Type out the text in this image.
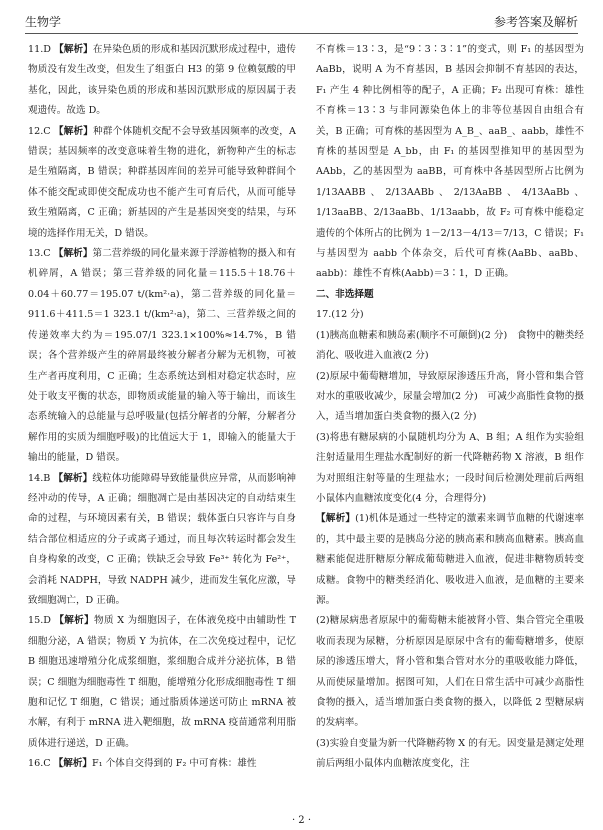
生物学	参考答案及解析

11.D 【解析】在异染色质的形成和基因沉默形成过程中，遗传物质没有发生改变，但发生了组蛋白 H3 的第 9 位赖氨酸的甲基化，因此，该异染色质的形成和基因沉默形成的原因属于表观遗传。故选 D。

12.C 【解析】种群个体随机交配不会导致基因频率的改变，A 错误；基因频率的改变意味着生物的进化，新物种产生的标志是生殖隔离，B 错误；种群基因库间的差异可能导致种群间个体不能交配或即使交配成功也不能产生可育后代，从而可能导致生殖隔离，C 正确；新基因的产生是基因突变的结果，与环境的选择作用无关，D 错误。

13.C 【解析】第二营养级的同化量来源于浮游植物的摄入和有机碎屑，A 错误；第三营养级的同化量＝115.5＋18.76＋0.04＋60.77＝195.07 t/(km²·a)，第二营养级的同化量＝911.6＋411.5＝1 323.1 t/(km²·a)，第二、三营养级之间的传递效率大约为＝195.07/1 323.1×100%≈14.7%，B 错误；各个营养级产生的碎屑最终被分解者分解为无机物，可被生产者再度利用，C 正确；生态系统达到相对稳定状态时，应处于收支平衡的状态，即物质或能量的输入等于输出，而该生态系统输入的总能量与总呼吸量(包括分解者的分解，分解者分解作用的实质为细胞呼吸)的比值远大于 1，即输入的能量大于输出的能量，D 错误。

14.B 【解析】线粒体功能障碍导致能量供应异常，从而影响神经冲动的传导，A 正确；细胞凋亡是由基因决定的自动结束生命的过程，与环境因素有关，B 错误；载体蛋白只容许与自身结合部位相适应的分子或离子通过，而且每次转运时都会发生自身构象的改变，C 正确；铁缺乏会导致 Fe³⁺ 转化为 Fe²⁺，会消耗 NADPH，导致 NADPH 减少，进而发生氧化应激，导致细胞凋亡，D 正确。

15.D 【解析】物质 X 为细胞因子，在体液免疫中由辅助性 T 细胞分泌，A 错误；物质 Y 为抗体，在二次免疫过程中，记忆 B 细胞迅速增殖分化成浆细胞，浆细胞合成并分泌抗体，B 错误；C 细胞为细胞毒性 T 细胞，能增殖分化形成细胞毒性 T 细胞和记忆 T 细胞，C 错误；通过脂质体递送可防止 mRNA 被水解，有利于 mRNA 进入靶细胞，故 mRNA 疫苗通常利用脂质体进行递送，D 正确。

16.C 【解析】F₁ 个体自交得到的 F₂ 中可育株：雄性

不育株＝13∶3，是“9∶3∶3∶1”的变式，则 F₁ 的基因型为 AaBb，说明 A 为不育基因，B 基因会抑制不育基因的表达，F₁ 产生 4 种比例相等的配子，A 正确；F₂ 出现可育株：雄性不育株＝13∶3 与非同源染色体上的非等位基因自由组合有关，B 正确；可育株的基因型为 A_B_、aaB_、aabb，雄性不育株的基因型是 A_bb，由 F₁ 的基因型推知甲的基因型为 AAbb，乙的基因型为 aaBB，可育株中各基因型所占比例为 1/13AABB、2/13AABb、2/13AaBB、4/13AaBb、1/13aaBB、2/13aaBb、1/13aabb，故 F₂ 可育株中能稳定遗传的个体所占的比例为 1－2/13－4/13＝7/13，C 错误；F₁ 与基因型为 aabb 个体杂交，后代可育株(AaBb、aaBb、aabb)：雄性不育株(Aabb)＝3∶1，D 正确。

二、非选择题

17.(12 分)

(1)胰高血糖素和胰岛素(顺序不可颠倒)(2 分)　食物中的糖类经消化、吸收进入血液(2 分)

(2)原尿中葡萄糖增加，导致原尿渗透压升高，肾小管和集合管对水的重吸收减少，尿量会增加(2 分)　可减少高脂性食物的摄入，适当增加蛋白类食物的摄入(2 分)

(3)将患有糖尿病的小鼠随机均分为 A、B 组；A 组作为实验组注射适量用生理盐水配制好的新一代降糖药物 X 溶液，B 组作为对照组注射等量的生理盐水；一段时间后检测处理前后两组小鼠体内血糖浓度变化(4 分，合理得分)

【解析】(1)机体是通过一些特定的激素来调节血糖的代谢速率的，其中最主要的是胰岛分泌的胰高素和胰高血糖素。胰高血糖素能促进肝糖原分解成葡萄糖进入血液，促进非糖物质转变成糖。食物中的糖类经消化、吸收进入血液，是血糖的主要来源。

(2)糖尿病患者原尿中的葡萄糖未能被肾小管、集合管完全重吸收而表现为尿糖，分析原因是原尿中含有的葡萄糖增多，使原尿的渗透压增大，肾小管和集合管对水分的重吸收能力降低，从而使尿量增加。据图可知，人们在日常生活中可减少高脂性食物的摄入，适当增加蛋白类食物的摄入，以降低 2 型糖尿病的发病率。

(3)实验自变量为新一代降糖药物 X 的有无。因变量是测定处理前后两组小鼠体内血糖浓度变化，注

· 2 ·
